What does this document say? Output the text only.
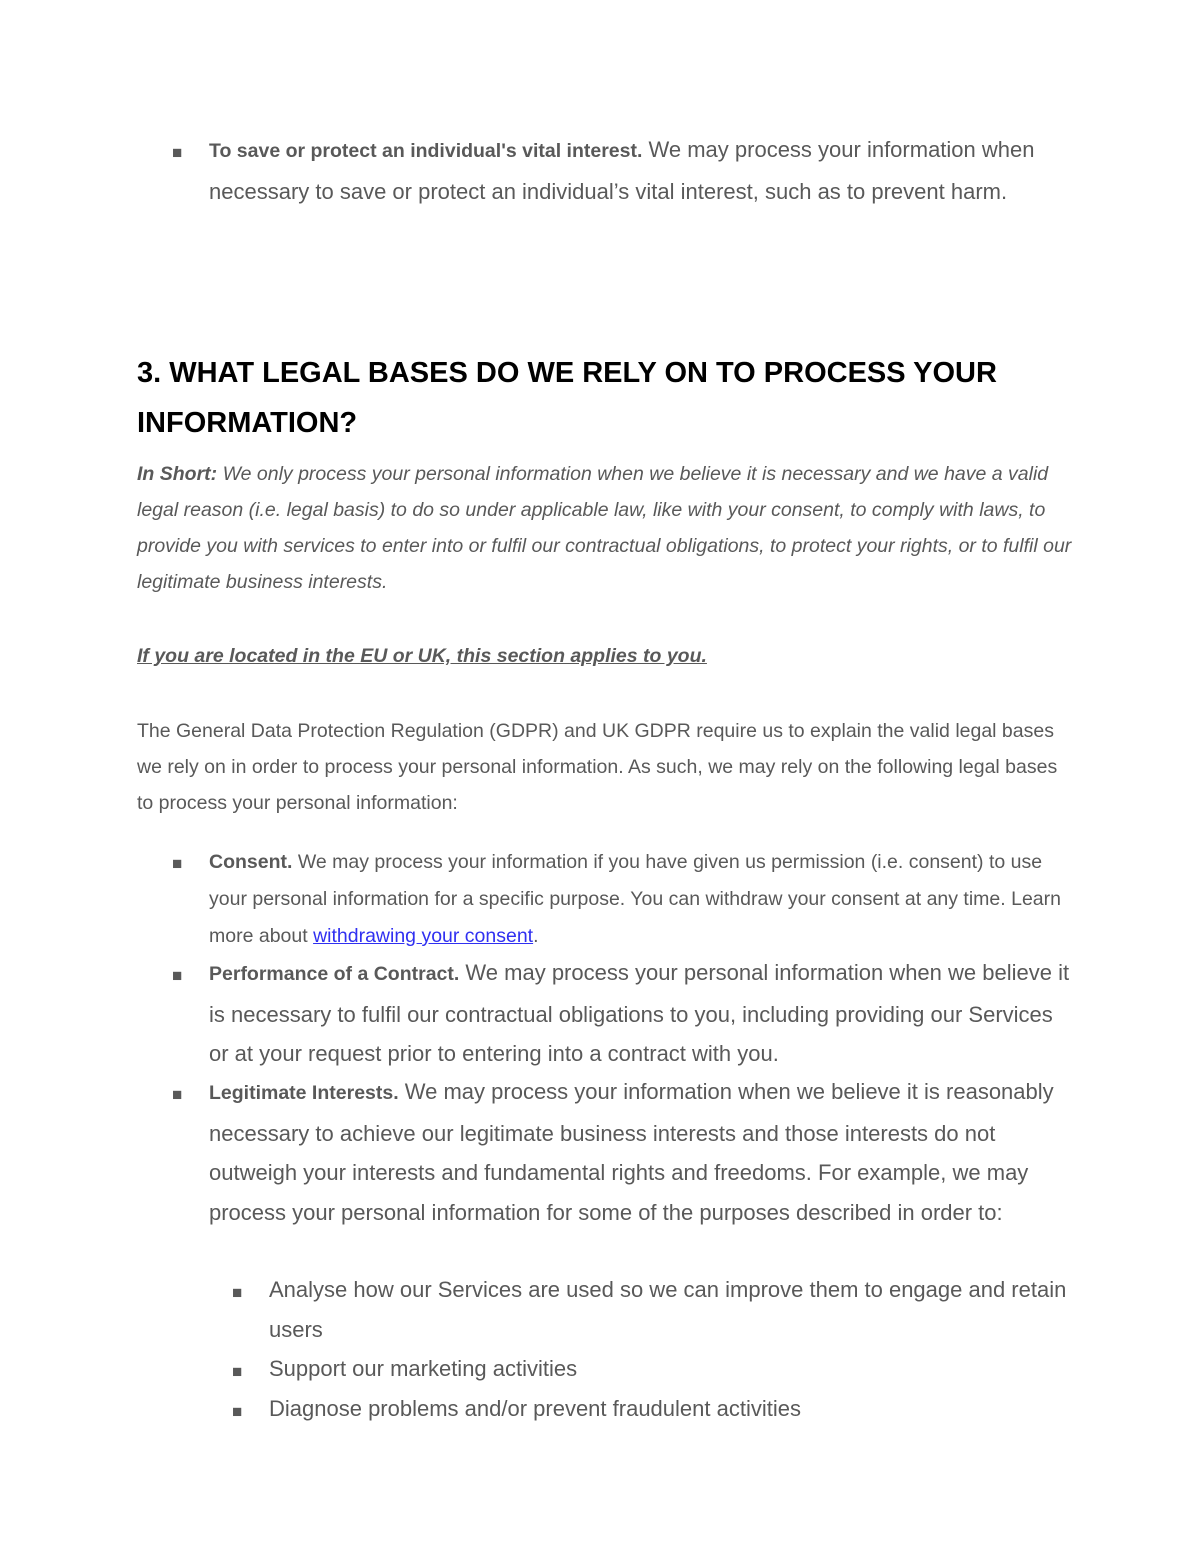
■ To save or protect an individual's vital interest. We may process your information when necessary to save or protect an individual’s vital interest, such as to prevent harm.
3. WHAT LEGAL BASES DO WE RELY ON TO PROCESS YOUR INFORMATION?
In Short: We only process your personal information when we believe it is necessary and we have a valid legal reason (i.e. legal basis) to do so under applicable law, like with your consent, to comply with laws, to provide you with services to enter into or fulfil our contractual obligations, to protect your rights, or to fulfil our legitimate business interests.
If you are located in the EU or UK, this section applies to you.
The General Data Protection Regulation (GDPR) and UK GDPR require us to explain the valid legal bases we rely on in order to process your personal information. As such, we may rely on the following legal bases to process your personal information:
■ Consent. We may process your information if you have given us permission (i.e. consent) to use your personal information for a specific purpose. You can withdraw your consent at any time. Learn more about withdrawing your consent.
■ Performance of a Contract. We may process your personal information when we believe it is necessary to fulfil our contractual obligations to you, including providing our Services or at your request prior to entering into a contract with you.
■ Legitimate Interests. We may process your information when we believe it is reasonably necessary to achieve our legitimate business interests and those interests do not outweigh your interests and fundamental rights and freedoms. For example, we may process your personal information for some of the purposes described in order to:
■ Analyse how our Services are used so we can improve them to engage and retain users
■ Support our marketing activities
■ Diagnose problems and/or prevent fraudulent activities
